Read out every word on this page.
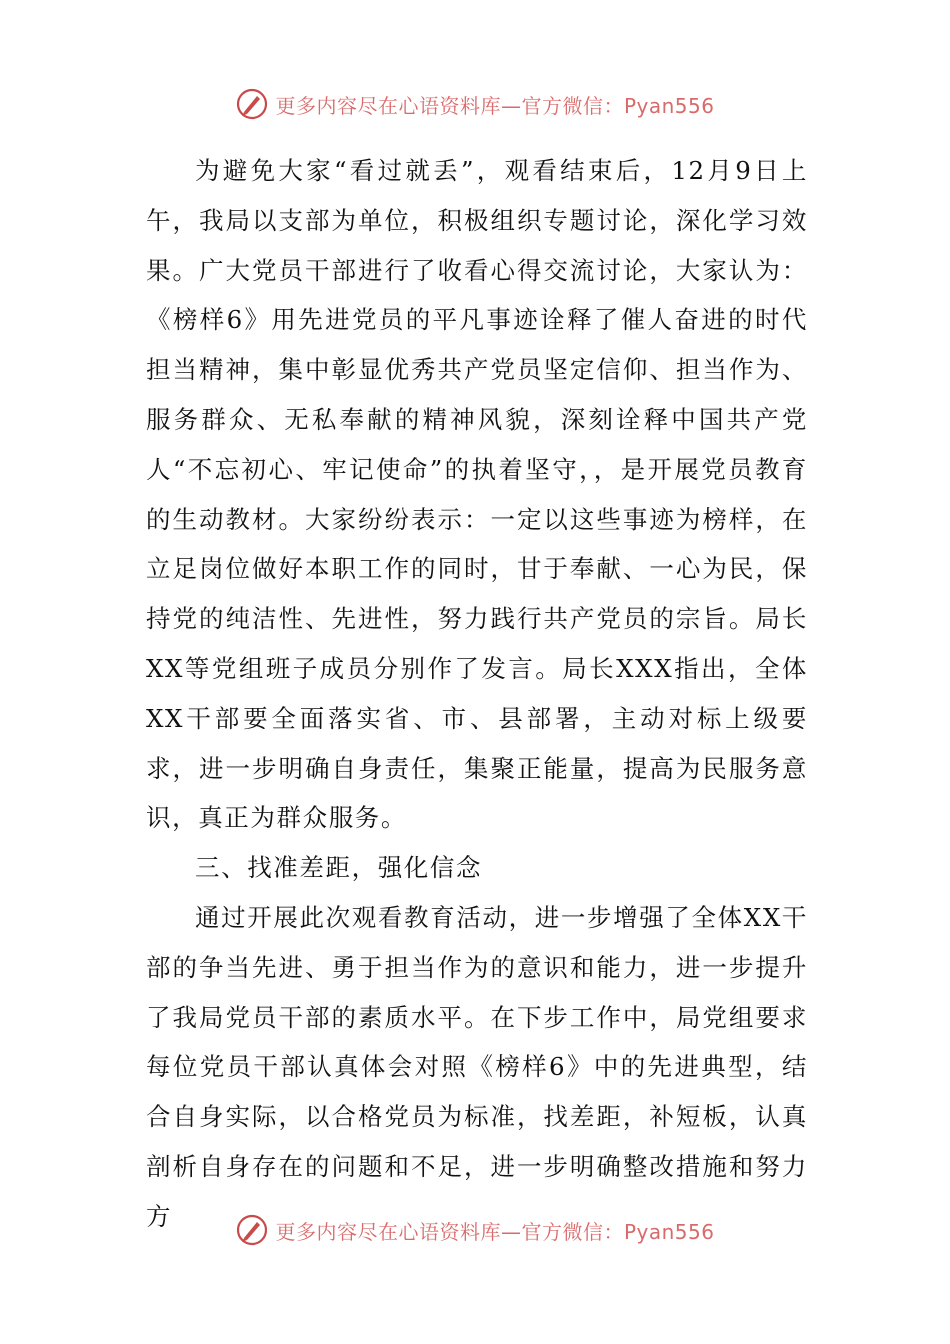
更多内容尽在心语资料库—官方微信：Pyan556

为避免大家“看过就丢”，观看结束后，12月9日上午，我局以支部为单位，积极组织专题讨论，深化学习效果。广大党员干部进行了收看心得交流讨论，大家认为：《榜样6》用先进党员的平凡事迹诠释了催人奋进的时代担当精神，集中彰显优秀共产党员坚定信仰、担当作为、服务群众、无私奉献的精神风貌，深刻诠释中国共产党人“不忘初心、牢记使命”的执着坚守，，是开展党员教育的生动教材。大家纷纷表示：一定以这些事迹为榜样，在立足岗位做好本职工作的同时，甘于奉献、一心为民，保持党的纯洁性、先进性，努力践行共产党员的宗旨。局长XX等党组班子成员分别作了发言。局长XXX指出，全体XX干部要全面落实省、市、县部署，主动对标上级要求，进一步明确自身责任，集聚正能量，提高为民服务意识，真正为群众服务。

三、找准差距，强化信念

通过开展此次观看教育活动，进一步增强了全体XX干部的争当先进、勇于担当作为的意识和能力，进一步提升了我局党员干部的素质水平。在下步工作中，局党组要求每位党员干部认真体会对照《榜样6》中的先进典型，结合自身实际，以合格党员为标准，找差距，补短板，认真剖析自身存在的问题和不足，进一步明确整改措施和努力方

更多内容尽在心语资料库—官方微信：Pyan556
